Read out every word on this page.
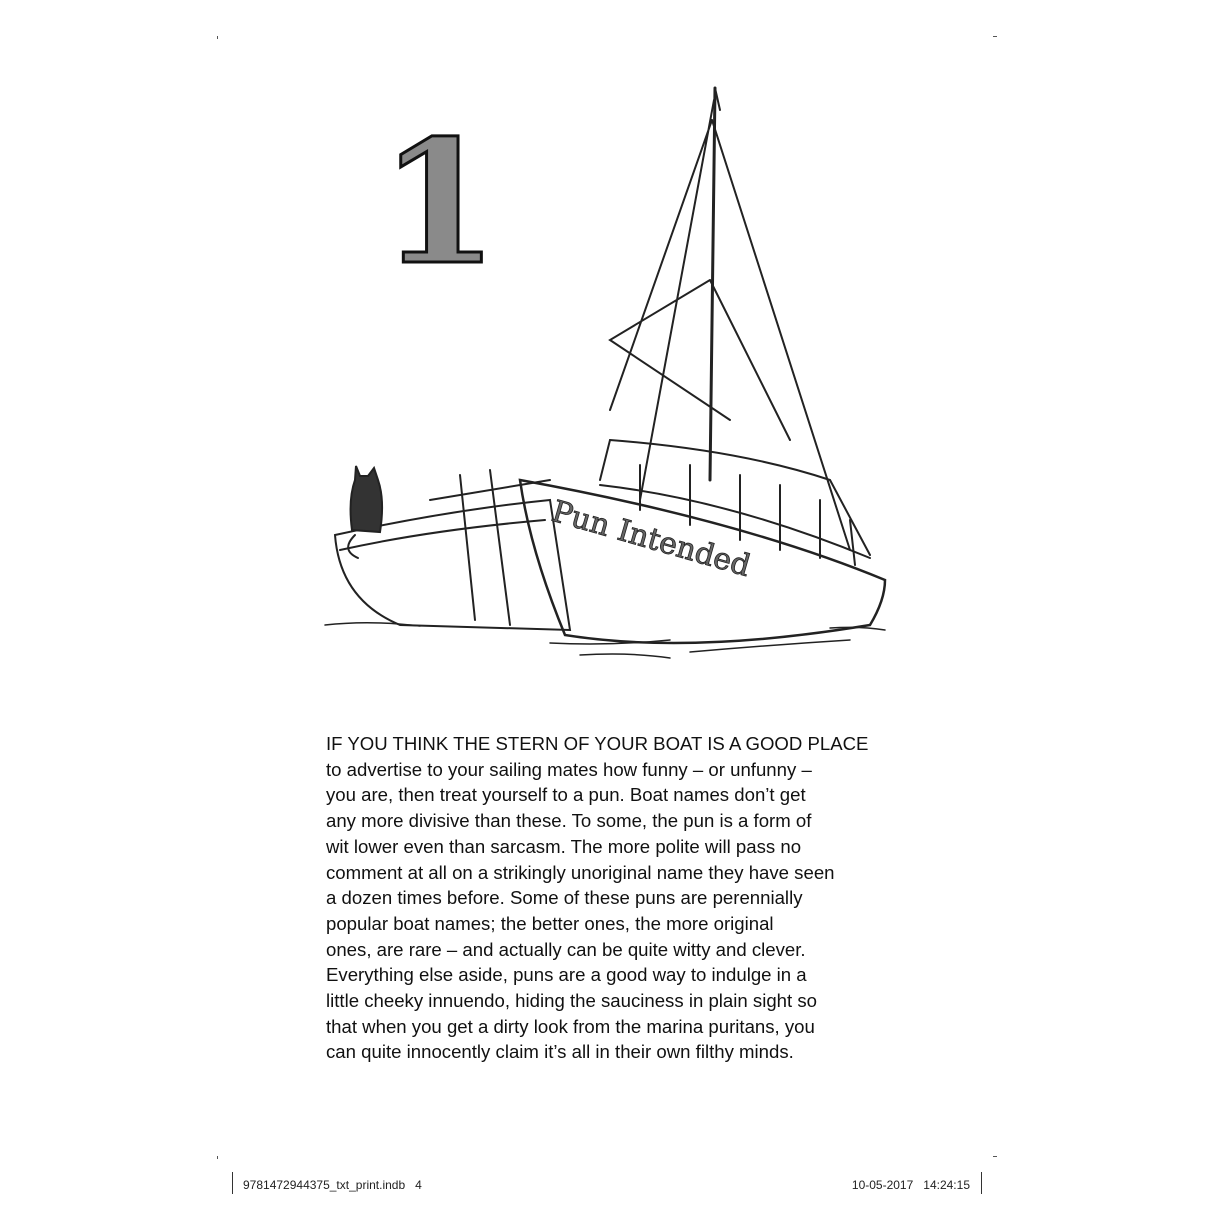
1
Pun Intended
IF YOU THINK THE STERN OF YOUR BOAT IS A GOOD PLACE
to advertise to your sailing mates how funny – or unfunny –
you are, then treat yourself to a pun. Boat names don’t get
any more divisive than these. To some, the pun is a form of
wit lower even than sarcasm. The more polite will pass no
comment at all on a strikingly unoriginal name they have seen
a dozen times before. Some of these puns are perennially
popular boat names; the better ones, the more original
ones, are rare – and actually can be quite witty and clever.
Everything else aside, puns are a good way to indulge in a
little cheeky innuendo, hiding the sauciness in plain sight so
that when you get a dirty look from the marina puritans, you
can quite innocently claim it’s all in their own filthy minds.
9781472944375_txt_print.indb   4	10-05-2017   14:24:15
